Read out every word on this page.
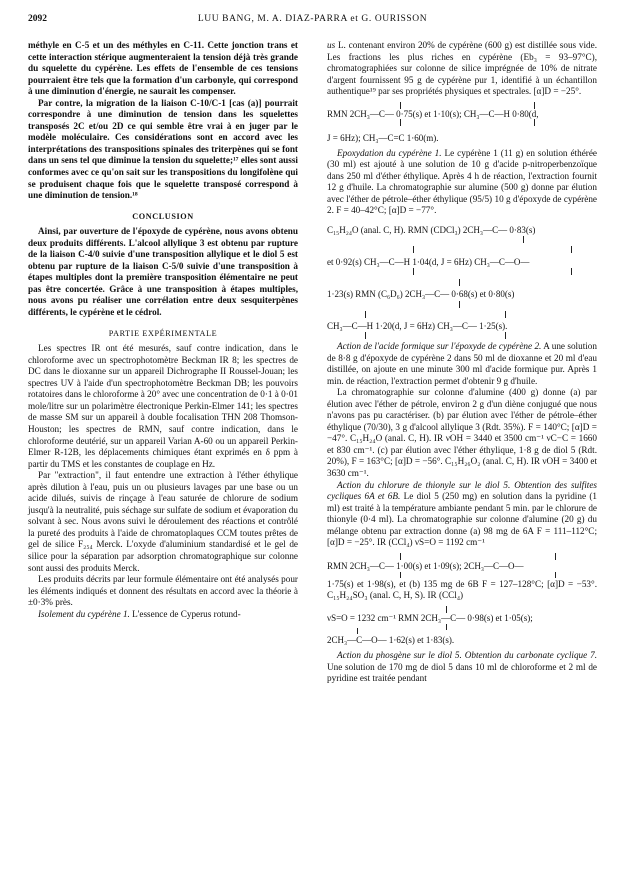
2092	LUU BANG, M. A. DIAZ-PARRA et G. OURISSON

méthyle en C-5 et un des méthyles en C-11. Cette jonction trans et cette interaction stérique augmenteraient la tension déjà très grande du squelette du cypérène. Les effets de l'ensemble de ces tensions pourraient être tels que la formation d'un carbonyle, qui correspond à une diminution d'énergie, ne saurait les compenser.

Par contre, la migration de la liaison C-10/C-1 [cas (a)] pourrait correspondre à une diminution de tension dans les squelettes transposés 2C et/ou 2D ce qui semble être vrai à en juger par le modèle moléculaire. Ces considérations sont en accord avec les interprétations des transpositions spinales des triterpènes qui se font dans un sens tel que diminue la tension du squelette;¹⁷ elles sont aussi conformes avec ce qu'on sait sur les transpositions du longifolène qui se produisent chaque fois que le squelette transposé correspond à une diminution de tension.¹⁸

CONCLUSION

Ainsi, par ouverture de l'époxyde de cypérène, nous avons obtenu deux produits différents. L'alcool allylique 3 est obtenu par rupture de la liaison C-4/0 suivie d'une transposition allylique et le diol 5 est obtenu par rupture de la liaison C-5/0 suivie d'une transposition à étapes multiples dont la première transposition élémentaire ne peut pas être concertée. Grâce à une transposition à étapes multiples, nous avons pu réaliser une corrélation entre deux sesquiterpènes différents, le cypérène et le cédrol.

PARTIE EXPÉRIMENTALE

Les spectres IR ont été mesurés, sauf contre indication, dans le chloroforme avec un spectrophotomètre Beckman IR 8; les spectres de DC dans le dioxanne sur un appareil Dichrographe II Roussel-Jouan; les spectres UV à l'aide d'un spectrophotomètre Beckman DB; les pouvoirs rotatoires dans le chloroforme à 20° avec une concentration de 0·1 à 0·01 mole/litre sur un polarimètre électronique Perkin-Elmer 141; les spectres de masse SM sur un appareil à double focalisation THN 208 Thomson-Houston; les spectres de RMN, sauf contre indication, dans le chloroforme deutérié, sur un appareil Varian A-60 ou un appareil Perkin-Elmer R-12B, les déplacements chimiques étant exprimés en δ ppm à partir du TMS et les constantes de couplage en Hz.

Par "extraction", il faut entendre une extraction à l'éther éthylique après dilution à l'eau, puis un ou plusieurs lavages par une base ou un acide dilués, suivis de rinçage à l'eau saturée de chlorure de sodium jusqu'à la neutralité, puis séchage sur sulfate de sodium et évaporation du solvant à sec. Nous avons suivi le déroulement des réactions et contrôlé la pureté des produits à l'aide de chromatoplaques CCM toutes prêtes de gel de silice F₂₅₄ Merck. L'oxyde d'aluminium standardisé et le gel de silice pour la séparation par adsorption chromatographique sur colonne sont aussi des produits Merck.

Les produits décrits par leur formule élémentaire ont été analysés pour les éléments indiqués et donnent des résultats en accord avec la théorie à ±0·3% près.

Isolement du cypérène 1. L'essence de Cyperus rotund-

us L. contenant environ 20% de cypérène (600 g) est distillée sous vide. Les fractions les plus riches en cypérène (Eb₃ = 93–97°C), chromatographiées sur colonne de silice imprégnée de 10% de nitrate d'argent fournissent 95 g de cypérène pur 1, identifié à un échantillon authentique¹⁹ par ses propriétés physiques et spectrales. [α]D = −25°.

RMN 2CH₃—C— 0·75(s) et 1·10(s); CH₃—C—H 0·80(d,
J = 6Hz); CH₃—C=C 1·60(m).

Epoxydation du cypérène 1. Le cypérène 1 (11 g) en solution éthérée (30 ml) est ajouté à une solution de 10 g d'acide p-nitroperbenzoïque dans 250 ml d'éther éthylique. Après 4 h de réaction, l'extraction fournit 12 g d'huile. La chromatographie sur alumine (500 g) donne par élution avec l'éther de pétrole–éther éthylique (95/5) 10 g d'époxyde de cypérène 2. F = 40–42°C; [α]D = −77°.

C₁₅H₂₄O (anal. C, H). RMN (CDCl₃) 2CH₃—C— 0·83(s)
et 0·92(s) CH₃—C—H 1·04(d, J = 6Hz) CH₃—C—O—
1·23(s) RMN (C₆D₆) 2CH₃—C— 0·68(s) et 0·80(s)
CH₃—C—H 1·20(d, J = 6Hz) CH₃—C— 1·25(s).

Action de l'acide formique sur l'époxyde de cypérène 2. A une solution de 8·8 g d'époxyde de cypérène 2 dans 50 ml de dioxanne et 20 ml d'eau distillée, on ajoute en une minute 300 ml d'acide formique pur. Après 1 min. de réaction, l'extraction permet d'obtenir 9 g d'huile.

La chromatographie sur colonne d'alumine (400 g) donne (a) par élution avec l'éther de pétrole, environ 2 g d'un diène conjugué que nous n'avons pas pu caractériser. (b) par élution avec l'éther de pétrole–éther éthylique (70/30), 3 g d'alcool allylique 3 (Rdt. 35%). F = 140°C; [α]D = −47°. C₁₅H₂₄O (anal. C, H). IR νOH = 3440 et 3500 cm⁻¹ νC−C = 1660 et 830 cm⁻¹. (c) par élution avec l'éther éthylique, 1·8 g de diol 5 (Rdt. 20%), F = 163°C; [α]D = −56°. C₁₅H₂₆O₂ (anal. C, H). IR νOH = 3400 et 3630 cm⁻¹.

Action du chlorure de thionyle sur le diol 5. Obtention des sulfites cycliques 6A et 6B. Le diol 5 (250 mg) en solution dans la pyridine (1 ml) est traité à la température ambiante pendant 5 min. par le chlorure de thionyle (0·4 ml). La chromatographie sur colonne d'alumine (20 g) du mélange obtenu par extraction donne (a) 98 mg de 6A F = 111–112°C; [α]D = −25°. IR (CCl₄) νS=O = 1192 cm⁻¹

RMN 2CH₃—C— 1·00(s) et 1·09(s); 2CH₃—C—O—

1·75(s) et 1·98(s), et (b) 135 mg de 6B F = 127–128°C; [α]D = −53°. C₁₅H₂₄SO₃ (anal. C, H, S). IR (CCl₄)

νS=O = 1232 cm⁻¹ RMN 2CH₃—C— 0·98(s) et 1·05(s);
2CH₃—C—O— 1·62(s) et 1·83(s).

Action du phosgène sur le diol 5. Obtention du carbonate cyclique 7. Une solution de 170 mg de diol 5 dans 10 ml de chloroforme et 2 ml de pyridine est traitée pendant
